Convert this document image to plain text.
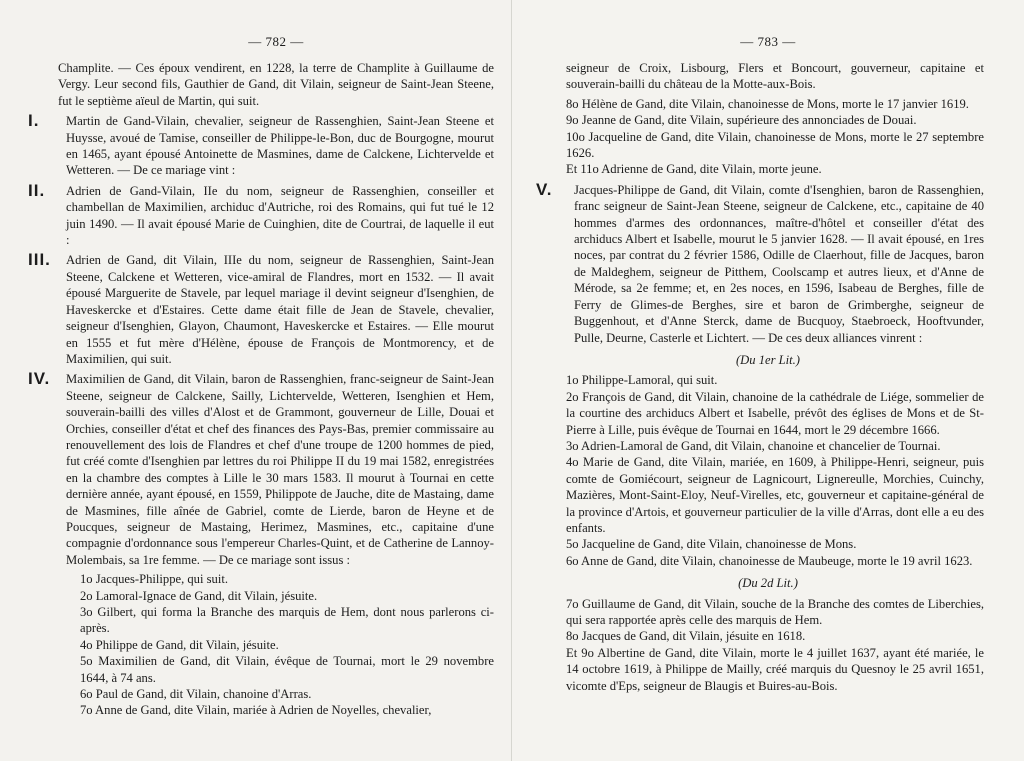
— 782 —

Champlite. — Ces époux vendirent, en 1228, la terre de Champlite à Guillaume de Vergy. Leur second fils, Gauthier de Gand, dit Vilain, seigneur de Saint-Jean Steene, fut le septième aïeul de Martin, qui suit.

I.	Martin de Gand-Vilain, chevalier, seigneur de Rassenghien, Saint-Jean Steene et Huysse, avoué de Tamise, conseiller de Philippe-le-Bon, duc de Bourgogne, mourut en 1465, ayant épousé Antoinette de Masmines, dame de Calckene, Lichtervelde et Wetteren. — De ce mariage vint :
II.	Adrien de Gand-Vilain, IIe du nom, seigneur de Rassenghien, conseiller et chambellan de Maximilien, archiduc d'Autriche, roi des Romains, qui fut tué le 12 juin 1490. — Il avait épousé Marie de Cuinghien, dite de Courtrai, de laquelle il eut :
III.	Adrien de Gand, dit Vilain, IIIe du nom, seigneur de Rassenghien, Saint-Jean Steene, Calckene et Wetteren, vice-amiral de Flandres, mort en 1532. — Il avait épousé Marguerite de Stavele, par lequel mariage il devint seigneur d'Isenghien, de Haveskercke et d'Estaires. Cette dame était fille de Jean de Stavele, chevalier, seigneur d'Isenghien, Glayon, Chaumont, Haveskercke et Estaires. — Elle mourut en 1555 et fut mère d'Hélène, épouse de François de Montmorency, et de Maximilien, qui suit.
IV.	Maximilien de Gand, dit Vilain, baron de Rassenghien, franc-seigneur de Saint-Jean Steene, seigneur de Calckene, Sailly, Lichtervelde, Wetteren, Isenghien et Hem, souverain-bailli des villes d'Alost et de Grammont, gouverneur de Lille, Douai et Orchies, conseiller d'état et chef des finances des Pays-Bas, premier commissaire au renouvellement des lois de Flandres et chef d'une troupe de 1200 hommes de pied, fut créé comte d'Isenghien par lettres du roi Philippe II du 19 mai 1582, enregistrées en la chambre des comptes à Lille le 30 mars 1583. Il mourut à Tournai en cette dernière année, ayant épousé, en 1559, Philippote de Jauche, dite de Mastaing, dame de Masmines, fille aînée de Gabriel, comte de Lierde, baron de Heyne et de Poucques, seigneur de Mastaing, Herimez, Masmines, etc., capitaine d'une compagnie d'ordonnance sous l'empereur Charles-Quint, et de Catherine de Lannoy-Molembais, sa 1re femme. — De ce mariage sont issus :
1o Jacques-Philippe, qui suit.
2o Lamoral-Ignace de Gand, dit Vilain, jésuite.
3o Gilbert, qui forma la Branche des marquis de Hem, dont nous parlerons ci-après.
4o Philippe de Gand, dit Vilain, jésuite.
5o Maximilien de Gand, dit Vilain, évêque de Tournai, mort le 29 novembre 1644, à 74 ans.
6o Paul de Gand, dit Vilain, chanoine d'Arras.
7o Anne de Gand, dite Vilain, mariée à Adrien de Noyelles, chevalier,
— 783 —

seigneur de Croix, Lisbourg, Flers et Boncourt, gouverneur, capitaine et souverain-bailli du château de la Motte-aux-Bois.

8o Hélène de Gand, dite Vilain, chanoinesse de Mons, morte le 17 janvier 1619.
9o Jeanne de Gand, dite Vilain, supérieure des annonciades de Douai.
10o Jacqueline de Gand, dite Vilain, chanoinesse de Mons, morte le 27 septembre 1626.
Et 11o Adrienne de Gand, dite Vilain, morte jeune.
V.	Jacques-Philippe de Gand, dit Vilain, comte d'Isenghien, baron de Rassenghien, franc seigneur de Saint-Jean Steene, seigneur de Calckene, etc., capitaine de 40 hommes d'armes des ordonnances, maître-d'hôtel et conseiller d'état des archiducs Albert et Isabelle, mourut le 5 janvier 1628. — Il avait épousé, en 1res noces, par contrat du 2 février 1586, Odille de Claerhout, fille de Jacques, baron de Maldeghem, seigneur de Pitthem, Coolscamp et autres lieux, et d'Anne de Mérode, sa 2e femme; et, en 2es noces, en 1596, Isabeau de Berghes, fille de Ferry de Glimes-de Berghes, sire et baron de Grimberghe, seigneur de Buggenhout, et d'Anne Sterck, dame de Bucquoy, Staebroeck, Hooftvunder, Pulle, Deurne, Casterle et Lichtert. — De ces deux alliances vinrent :
(Du 1er Lit.)
1o Philippe-Lamoral, qui suit.
2o François de Gand, dit Vilain, chanoine de la cathédrale de Liége, sommelier de la courtine des archiducs Albert et Isabelle, prévôt des églises de Mons et de St-Pierre à Lille, puis évêque de Tournai en 1644, mort le 29 décembre 1666.
3o Adrien-Lamoral de Gand, dit Vilain, chanoine et chancelier de Tournai.
4o Marie de Gand, dite Vilain, mariée, en 1609, à Philippe-Henri, seigneur, puis comte de Gomiécourt, seigneur de Lagnicourt, Lignereulle, Morchies, Cuinchy, Mazières, Mont-Saint-Eloy, Neuf-Virelles, etc, gouverneur et capitaine-général de la province d'Artois, et gouverneur particulier de la ville d'Arras, dont elle a eu des enfants.
5o Jacqueline de Gand, dite Vilain, chanoinesse de Mons.
6o Anne de Gand, dite Vilain, chanoinesse de Maubeuge, morte le 19 avril 1623.
(Du 2d Lit.)
7o Guillaume de Gand, dit Vilain, souche de la Branche des comtes de Liberchies, qui sera rapportée après celle des marquis de Hem.
8o Jacques de Gand, dit Vilain, jésuite en 1618.
Et 9o Albertine de Gand, dite Vilain, morte le 4 juillet 1637, ayant été mariée, le 14 octobre 1619, à Philippe de Mailly, créé marquis du Quesnoy le 25 avril 1651, vicomte d'Eps, seigneur de Blaugis et Buires-au-Bois.
